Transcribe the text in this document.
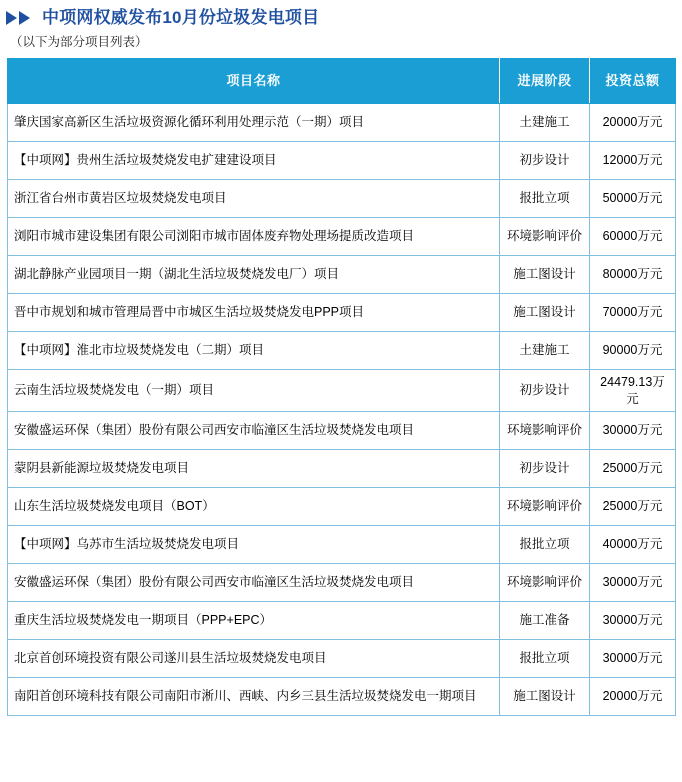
中项网权威发布10月份垃圾发电项目
（以下为部分项目列表）
项目名称	进展阶段	投资总额
肇庆国家高新区生活垃圾资源化循环利用处理示范（一期）项目	土建施工	20000万元
【中项网】贵州生活垃圾焚烧发电扩建建设项目	初步设计	12000万元
浙江省台州市黄岩区垃圾焚烧发电项目	报批立项	50000万元
浏阳市城市建设集团有限公司浏阳市城市固体废弃物处理场提质改造项目	环境影响评价	60000万元
湖北静脉产业园项目一期（湖北生活垃圾焚烧发电厂）项目	施工图设计	80000万元
晋中市规划和城市管理局晋中市城区生活垃圾焚烧发电PPP项目	施工图设计	70000万元
【中项网】淮北市垃圾焚烧发电（二期）项目	土建施工	90000万元
云南生活垃圾焚烧发电（一期）项目	初步设计	24479.13万元
安徽盛运环保（集团）股份有限公司西安市临潼区生活垃圾焚烧发电项目	环境影响评价	30000万元
蒙阴县新能源垃圾焚烧发电项目	初步设计	25000万元
山东生活垃圾焚烧发电项目（BOT）	环境影响评价	25000万元
【中项网】乌苏市生活垃圾焚烧发电项目	报批立项	40000万元
安徽盛运环保（集团）股份有限公司西安市临潼区生活垃圾焚烧发电项目	环境影响评价	30000万元
重庆生活垃圾焚烧发电一期项目（PPP+EPC）	施工准备	30000万元
北京首创环境投资有限公司遂川县生活垃圾焚烧发电项目	报批立项	30000万元
南阳首创环境科技有限公司南阳市淅川、西峡、内乡三县生活垃圾焚烧发电一期项目	施工图设计	20000万元
